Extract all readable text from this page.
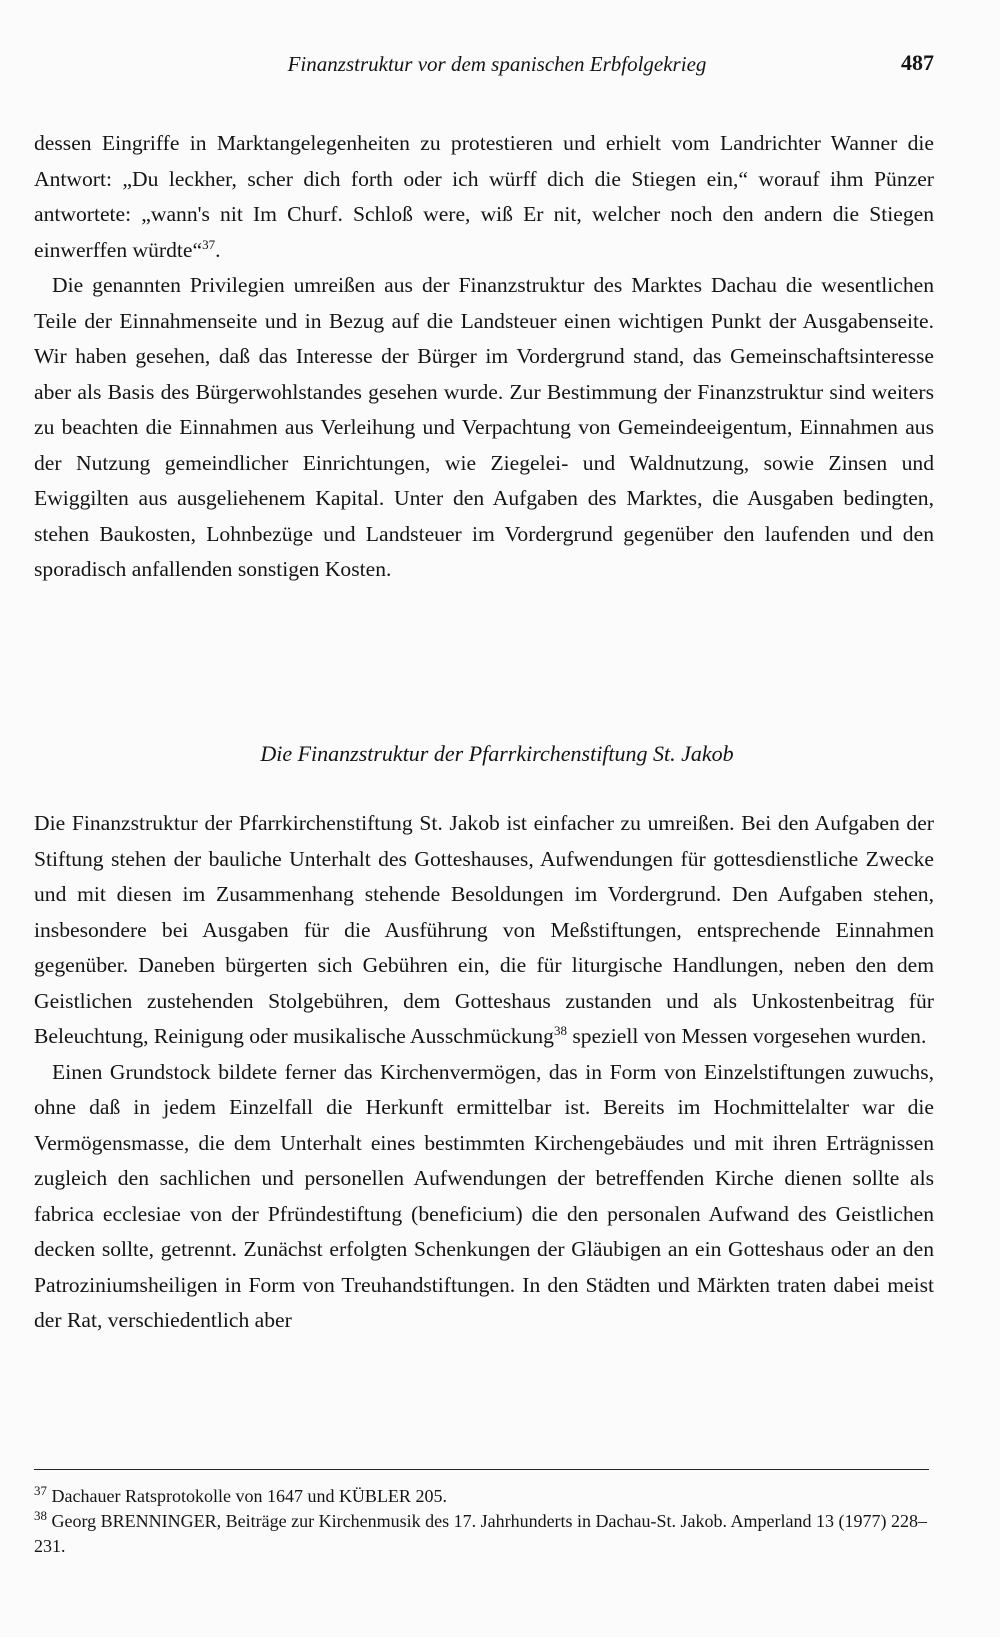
Finanzstruktur vor dem spanischen Erbfolgekrieg	487

dessen Eingriffe in Marktangelegenheiten zu protestieren und erhielt vom Landrichter Wanner die Antwort: „Du leckher, scher dich forth oder ich würff dich die Stiegen ein,“ worauf ihm Pünzer antwortete: „wann's nit Im Churf. Schloß were, wiß Er nit, welcher noch den andern die Stiegen einwerffen würdte“$^{37}$.

Die genannten Privilegien umreißen aus der Finanzstruktur des Marktes Dachau die wesentlichen Teile der Einnahmenseite und in Bezug auf die Landsteuer einen wichtigen Punkt der Ausgabenseite. Wir haben gesehen, daß das Interesse der Bürger im Vordergrund stand, das Gemeinschaftsinteresse aber als Basis des Bürgerwohlstandes gesehen wurde. Zur Bestimmung der Finanzstruktur sind weiters zu beachten die Einnahmen aus Verleihung und Verpachtung von Gemeindeeigentum, Einnahmen aus der Nutzung gemeindlicher Einrichtungen, wie Ziegelei- und Waldnutzung, sowie Zinsen und Ewiggilten aus ausgeliehenem Kapital. Unter den Aufgaben des Marktes, die Ausgaben bedingten, stehen Baukosten, Lohnbezüge und Landsteuer im Vordergrund gegenüber den laufenden und den sporadisch anfallenden sonstigen Kosten.

Die Finanzstruktur der Pfarrkirchenstiftung St. Jakob

Die Finanzstruktur der Pfarrkirchenstiftung St. Jakob ist einfacher zu umreißen. Bei den Aufgaben der Stiftung stehen der bauliche Unterhalt des Gotteshauses, Aufwendungen für gottesdienstliche Zwecke und mit diesen im Zusammenhang stehende Besoldungen im Vordergrund. Den Aufgaben stehen, insbesondere bei Ausgaben für die Ausführung von Meßstiftungen, entsprechende Einnahmen gegenüber. Daneben bürgerten sich Gebühren ein, die für liturgische Handlungen, neben den dem Geistlichen zustehenden Stolgebühren, dem Gotteshaus zustanden und als Unkostenbeitrag für Beleuchtung, Reinigung oder musikalische Ausschmückung$^{38}$ speziell von Messen vorgesehen wurden.

Einen Grundstock bildete ferner das Kirchenvermögen, das in Form von Einzelstiftungen zuwuchs, ohne daß in jedem Einzelfall die Herkunft ermittelbar ist. Bereits im Hochmittelalter war die Vermögensmasse, die dem Unterhalt eines bestimmten Kirchengebäudes und mit ihren Erträgnissen zugleich den sachlichen und personellen Aufwendungen der betreffenden Kirche dienen sollte als fabrica ecclesiae von der Pfründestiftung (beneficium) die den personalen Aufwand des Geistlichen decken sollte, getrennt. Zunächst erfolgten Schenkungen der Gläubigen an ein Gotteshaus oder an den Patroziniumsheiligen in Form von Treuhandstiftungen. In den Städten und Märkten traten dabei meist der Rat, verschiedentlich aber

$^{37}$ Dachauer Ratsprotokolle von 1647 und KÜBLER 205.

$^{38}$ Georg BRENNINGER, Beiträge zur Kirchenmusik des 17. Jahrhunderts in Dachau-St. Jakob. Amperland 13 (1977) 228–231.
